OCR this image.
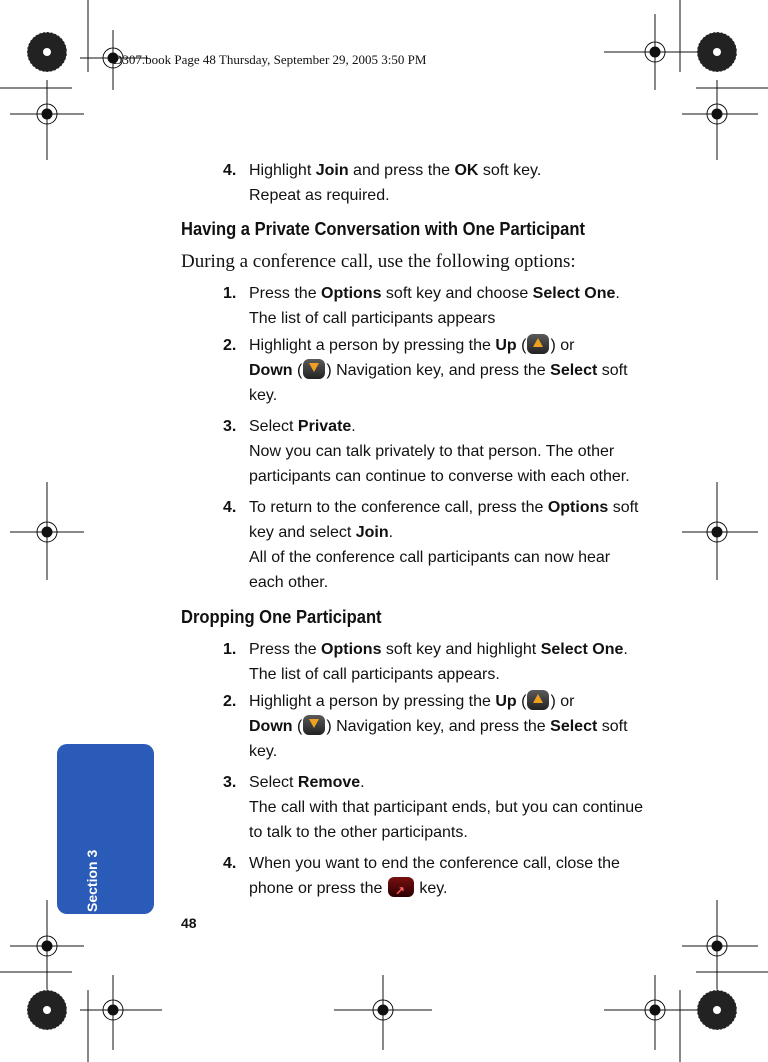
D307.book Page 48 Thursday, September 29, 2005 3:50 PM
Section 3
48
4. Highlight Join and press the OK soft key.

Repeat as required.

Having a Private Conversation with One Participant
During a conference call, use the following options:
1. Press the Options soft key and choose Select One.

The list of call participants appears

2. Highlight a person by pressing the Up ( ) or

Down ( ) Navigation key, and press the Select soft key.

3. Select Private.

Now you can talk privately to that person. The other participants can continue to converse with each other.

4. To return to the conference call, press the Options soft key and select Join.

All of the conference call participants can now hear each other.

Dropping One Participant
1. Press the Options soft key and highlight Select One.

The list of call participants appears.

2. Highlight a person by pressing the Up ( ) or

Down ( ) Navigation key, and press the Select soft key.

3. Select Remove.

The call with that participant ends, but you can continue to talk to the other participants.

4. When you want to end the conference call, close the phone or press the ↗ key.
